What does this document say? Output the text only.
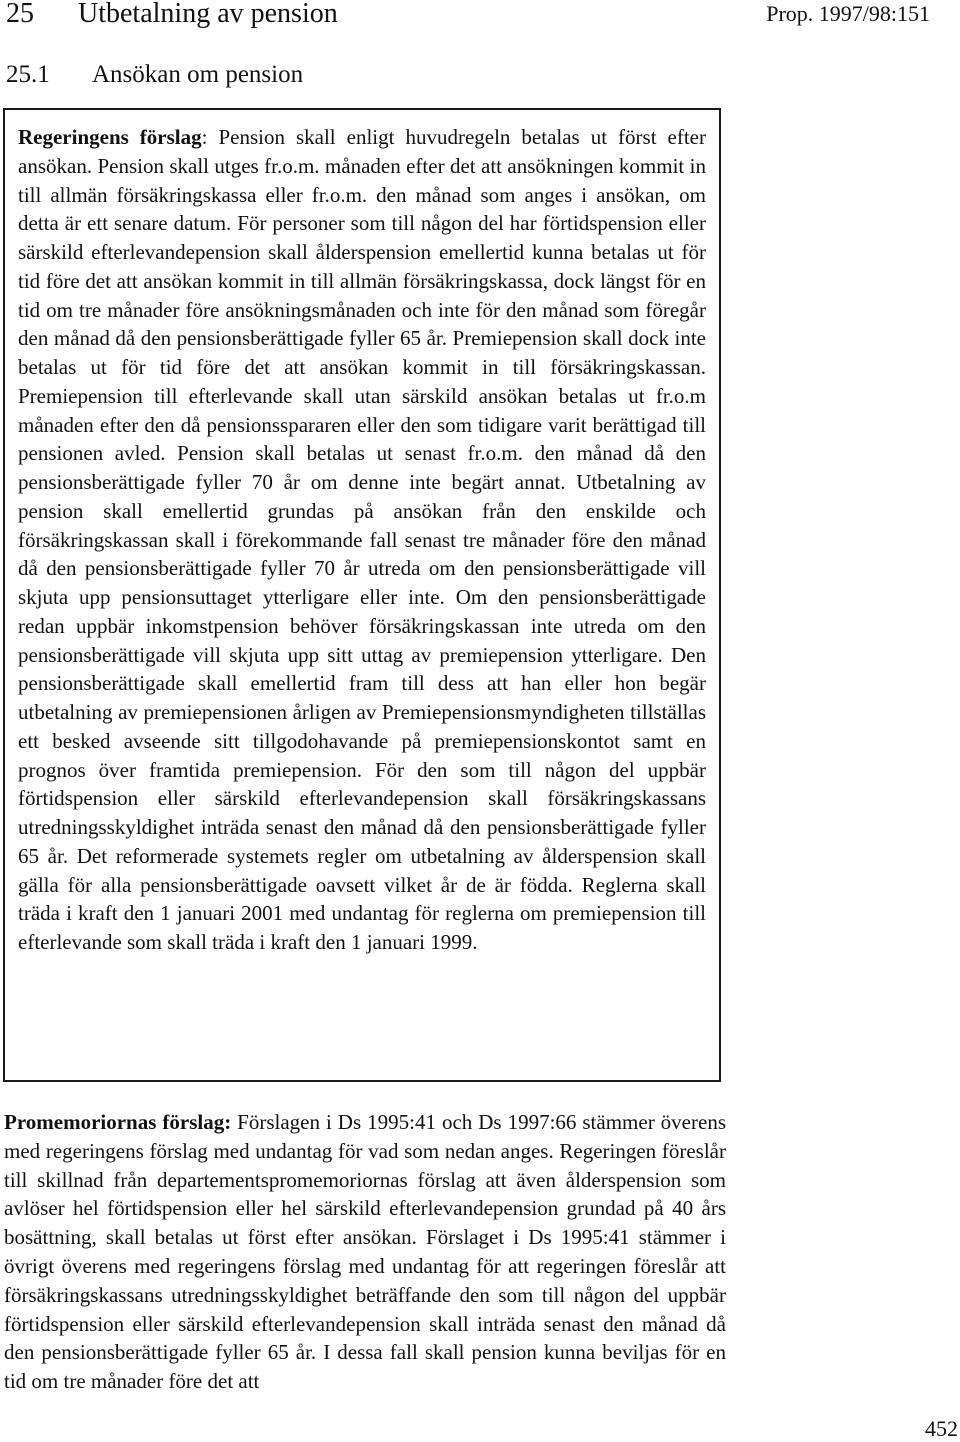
25 Utbetalning av pension	Prop. 1997/98:151
25.1 Ansökan om pension

Regeringens förslag: Pension skall enligt huvudregeln betalas ut först efter ansökan. Pension skall utges fr.o.m. månaden efter det att ansökningen kommit in till allmän försäkringskassa eller fr.o.m. den månad som anges i ansökan, om detta är ett senare datum. För personer som till någon del har förtidspension eller särskild efterlevandepension skall ålderspension emellertid kunna betalas ut för tid före det att ansökan kommit in till allmän försäkringskassa, dock längst för en tid om tre månader före ansökningsmånaden och inte för den månad som föregår den månad då den pensionsberättigade fyller 65 år. Premiepension skall dock inte betalas ut för tid före det att ansökan kommit in till försäkringskassan. Premiepension till efterlevande skall utan särskild ansökan betalas ut fr.o.m månaden efter den då pensionsspararen eller den som tidigare varit berättigad till pensionen avled. Pension skall betalas ut senast fr.o.m. den månad då den pensionsberättigade fyller 70 år om denne inte begärt annat. Utbetalning av pension skall emellertid grundas på ansökan från den enskilde och försäkringskassan skall i förekommande fall senast tre månader före den månad då den pensionsberättigade fyller 70 år utreda om den pensionsberättigade vill skjuta upp pensionsuttaget ytterligare eller inte. Om den pensionsberättigade redan uppbär inkomstpension behöver försäkringskassan inte utreda om den pensionsberättigade vill skjuta upp sitt uttag av premiepension ytterligare. Den pensionsberättigade skall emellertid fram till dess att han eller hon begär utbetalning av premiepensionen årligen av Premiepensionsmyndigheten tillställas ett besked avseende sitt tillgodohavande på premiepensionskontot samt en prognos över framtida premiepension. För den som till någon del uppbär förtidspension eller särskild efterlevandepension skall försäkringskassans utredningsskyldighet inträda senast den månad då den pensionsberättigade fyller 65 år. Det reformerade systemets regler om utbetalning av ålderspension skall gälla för alla pensionsberättigade oavsett vilket år de är födda. Reglerna skall träda i kraft den 1 januari 2001 med undantag för reglerna om premiepension till efterlevande som skall träda i kraft den 1 januari 1999.

Promemoriornas förslag: Förslagen i Ds 1995:41 och Ds 1997:66 stämmer överens med regeringens förslag med undantag för vad som nedan anges. Regeringen föreslår till skillnad från departementspromemoriornas förslag att även ålderspension som avlöser hel förtidspension eller hel särskild efterlevandepension grundad på 40 års bosättning, skall betalas ut först efter ansökan. Förslaget i Ds 1995:41 stämmer i övrigt överens med regeringens förslag med undantag för att regeringen föreslår att försäkringskassans utredningsskyldighet beträffande den som till någon del uppbär förtidspension eller särskild efterlevandepension skall inträda senast den månad då den pensionsberättigade fyller 65 år. I dessa fall skall pension kunna beviljas för en tid om tre månader före det att

452
